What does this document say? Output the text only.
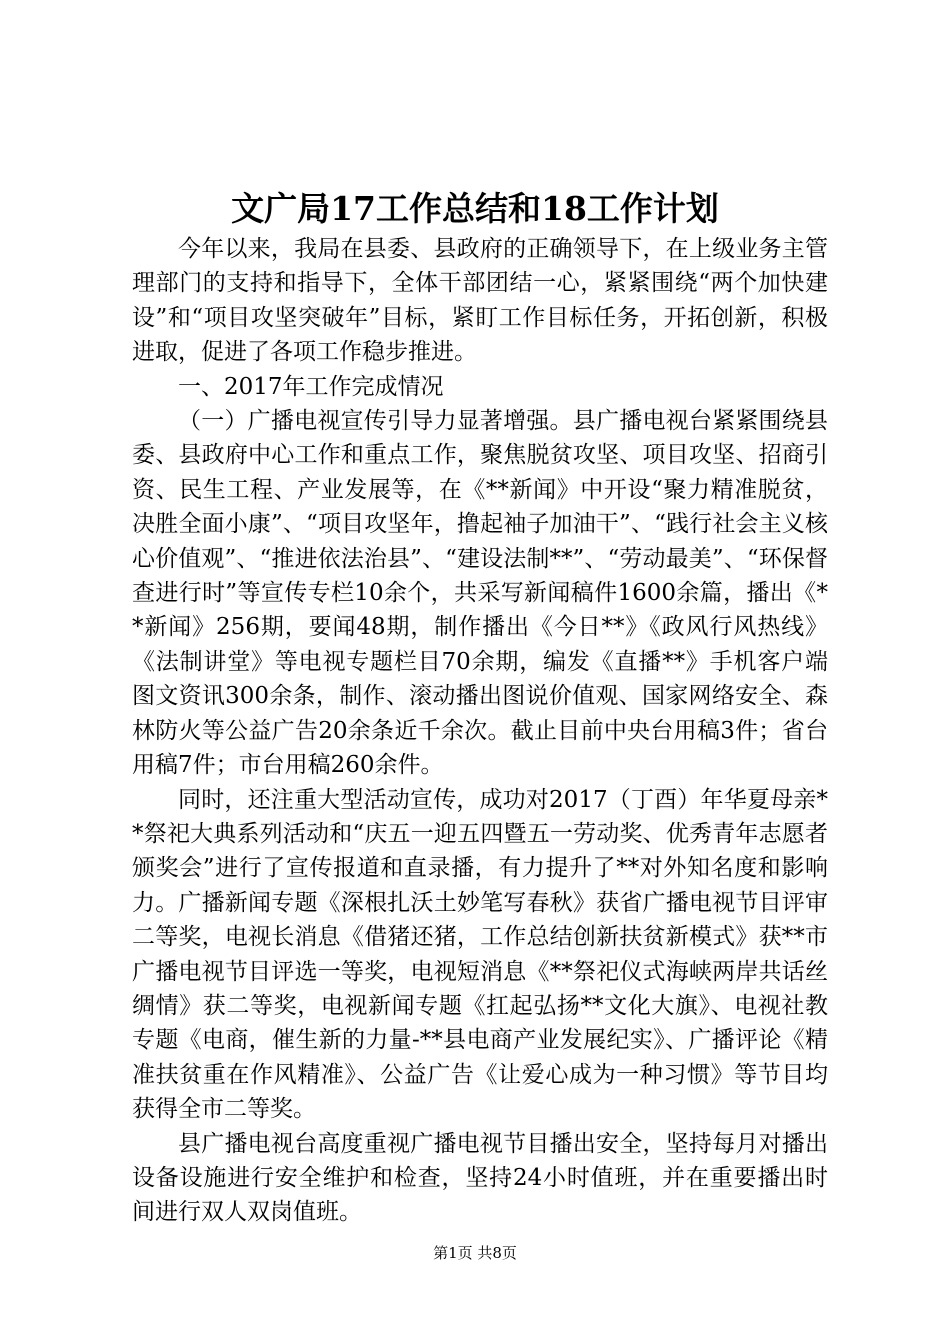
文广局17工作总结和18工作计划

今年以来，我局在县委、县政府的正确领导下，在上级业务主管理部门的支持和指导下，全体干部团结一心，紧紧围绕“两个加快建设”和“项目攻坚突破年”目标，紧盯工作目标任务，开拓创新，积极进取，促进了各项工作稳步推进。

一、2017年工作完成情况

（一）广播电视宣传引导力显著增强。县广播电视台紧紧围绕县委、县政府中心工作和重点工作，聚焦脱贫攻坚、项目攻坚、招商引资、民生工程、产业发展等，在《**新闻》中开设“聚力精准脱贫，决胜全面小康”、“项目攻坚年，撸起袖子加油干”、“践行社会主义核心价值观”、“推进依法治县”、“建设法制**”、“劳动最美”、“环保督查进行时”等宣传专栏10余个，共采写新闻稿件1600余篇，播出《**新闻》256期，要闻48期，制作播出《今日**》《政风行风热线》《法制讲堂》等电视专题栏目70余期，编发《直播**》手机客户端图文资讯300余条，制作、滚动播出图说价值观、国家网络安全、森林防火等公益广告20余条近千余次。截止目前中央台用稿3件；省台用稿7件；市台用稿260余件。

同时，还注重大型活动宣传，成功对2017（丁酉）年华夏母亲**祭祀大典系列活动和“庆五一迎五四暨五一劳动奖、优秀青年志愿者颁奖会”进行了宣传报道和直录播，有力提升了**对外知名度和影响力。广播新闻专题《深根扎沃土妙笔写春秋》获省广播电视节目评审二等奖，电视长消息《借猪还猪，工作总结创新扶贫新模式》获**市广播电视节目评选一等奖，电视短消息《**祭祀仪式海峡两岸共话丝绸情》获二等奖，电视新闻专题《扛起弘扬**文化大旗》、电视社教专题《电商，催生新的力量-**县电商产业发展纪实》、广播评论《精准扶贫重在作风精准》、公益广告《让爱心成为一种习惯》等节目均获得全市二等奖。

县广播电视台高度重视广播电视节目播出安全，坚持每月对播出设备设施进行安全维护和检查，坚持24小时值班，并在重要播出时间进行双人双岗值班。

第1页 共8页
